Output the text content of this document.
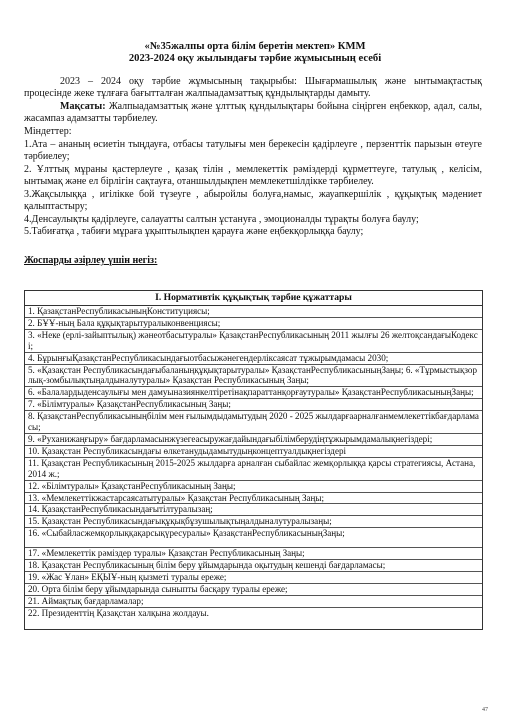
«№35жалпы орта білім беретін мектеп» КММ
2023-2024 оқу жылындағы тәрбие жұмысының есебі
2023 – 2024 оқу тәрбие жұмысының тақырыбы: Шығармашылық және ынтымақтастық процесінде жеке тұлғаға бағытталған жалпыадамзаттық құндылықтарды дамыту.
Мақсаты: Жалпыадамзаттық және ұлттық құндылықтары бойына сіңірген еңбеккор, адал, салы, жасампаз адамзатты тәрбиелеу.
Міндеттер:
1.Ата – ананың өсиетін тыңдауға, отбасы татулығы мен берекесін қадірлеуге , перзенттік парызын өтеуге тәрбиелеу;
2. Ұлттық мұраны қастерлеуге , қазақ тілін , мемлекеттік рәміздерді құрметтеуге, татулық , келісім, ынтымақ және ел бірлігін сақтауға, отаншылдықпен мемлекетшілдікке тәрбиелеу.
3.Жақсылыққа , игілікке бой түзеуге , абыройлы болуға,намыс, жауапкершілік , құқықтық мәдениет қалыптастыру;
4.Денсаулықты қадірлеуге, салауатты салтын ұстануға , эмоционалды тұрақты болуға баулу;
5.Табиғатқа , табиғи мұраға ұқыптылықпен қарауға және еңбекқорлыққа баулу;
Жоспарды әзірлеу үшін негіз:
I. Нормативтік құқықтық тәрбие құжаттары
1. ҚазақстанРеспубликасыныңКонституциясы;
2. БҰҰ-ның Бала құқықтарытуралыконвенциясы;
3. «Неке (ерлі-зайыптылық) жәнеотбасытуралы» ҚазақстанРеспубликасының 2011 жылғы 26 желтоқсандағыКодексі;
4. БұрынғыҚазақстанРеспубликасындағыотбасыжәнегендерліксаясат тұжырымдамасы 2030;
5. «Қазақстан Республикасындағыбаланыңқұқықтарытуралы» ҚазақстанРеспубликасыныңЗаңы; 6. «Тұрмыстықзорлық-зомбылықтыңалдыналутуралы» Қазақстан Республикасының Заңы;
6. «Балалардыденсаулығы мен дамуыназиянкелтіретінақпараттанқорғаутуралы» ҚазақстанРеспубликасыныңЗаңы;
7. «Білімтуралы» ҚазақстанРеспубликасының Заңы;
8. ҚазақстанРеспубликасыныңбілім мен ғылымдыдамытудың 2020 - 2025 жылдарғаарналғанмемлекеттікбағдарламасы;
9. «Руханижаңғыру» бағдарламасынжүзегеасыружағдайындағыбілімберудіңтұжырымдамалықнегіздері;
10. Қазақстан Республикасындағы өлкетанудыдамытудыңконцептуалдықнегіздері
11. Қазақстан Республикасының 2015-2025 жылдарға арналған сыбайлас жемқорлыққа қарсы стратегиясы, Астана, 2014 ж.;
12. «Білімтуралы» ҚазақстанРеспубликасының Заңы;
13. «Мемлекеттікжастарсаясатытуралы» Қазақстан Республикасының Заңы;
14. ҚазақстанРеспубликасындағытілтуралызаң;
15. Қазақстан Республикасындағықұқықбұзушылықтыңалдыналутуралызаңы;
16. «Сыбайласжемқорлыққақарсықүресуралы» ҚазақстанРеспубликасыныңЗаңы;
17. «Мемлекеттік рәміздер туралы» Қазақстан Республикасының Заңы;
18. Қазақстан Республикасының білім беру ұйымдарында оқытудың кешенді бағдарламасы;
19. «Жас Ұлан» ЕҚЫҰ-ның қызметі туралы ереже;
20. Орта білім беру ұйымдарында сыныпты басқару туралы ереже;
21. Аймақтық бағдарламалар;
22. Президенттің Қазақстан халқына жолдауы.
47
